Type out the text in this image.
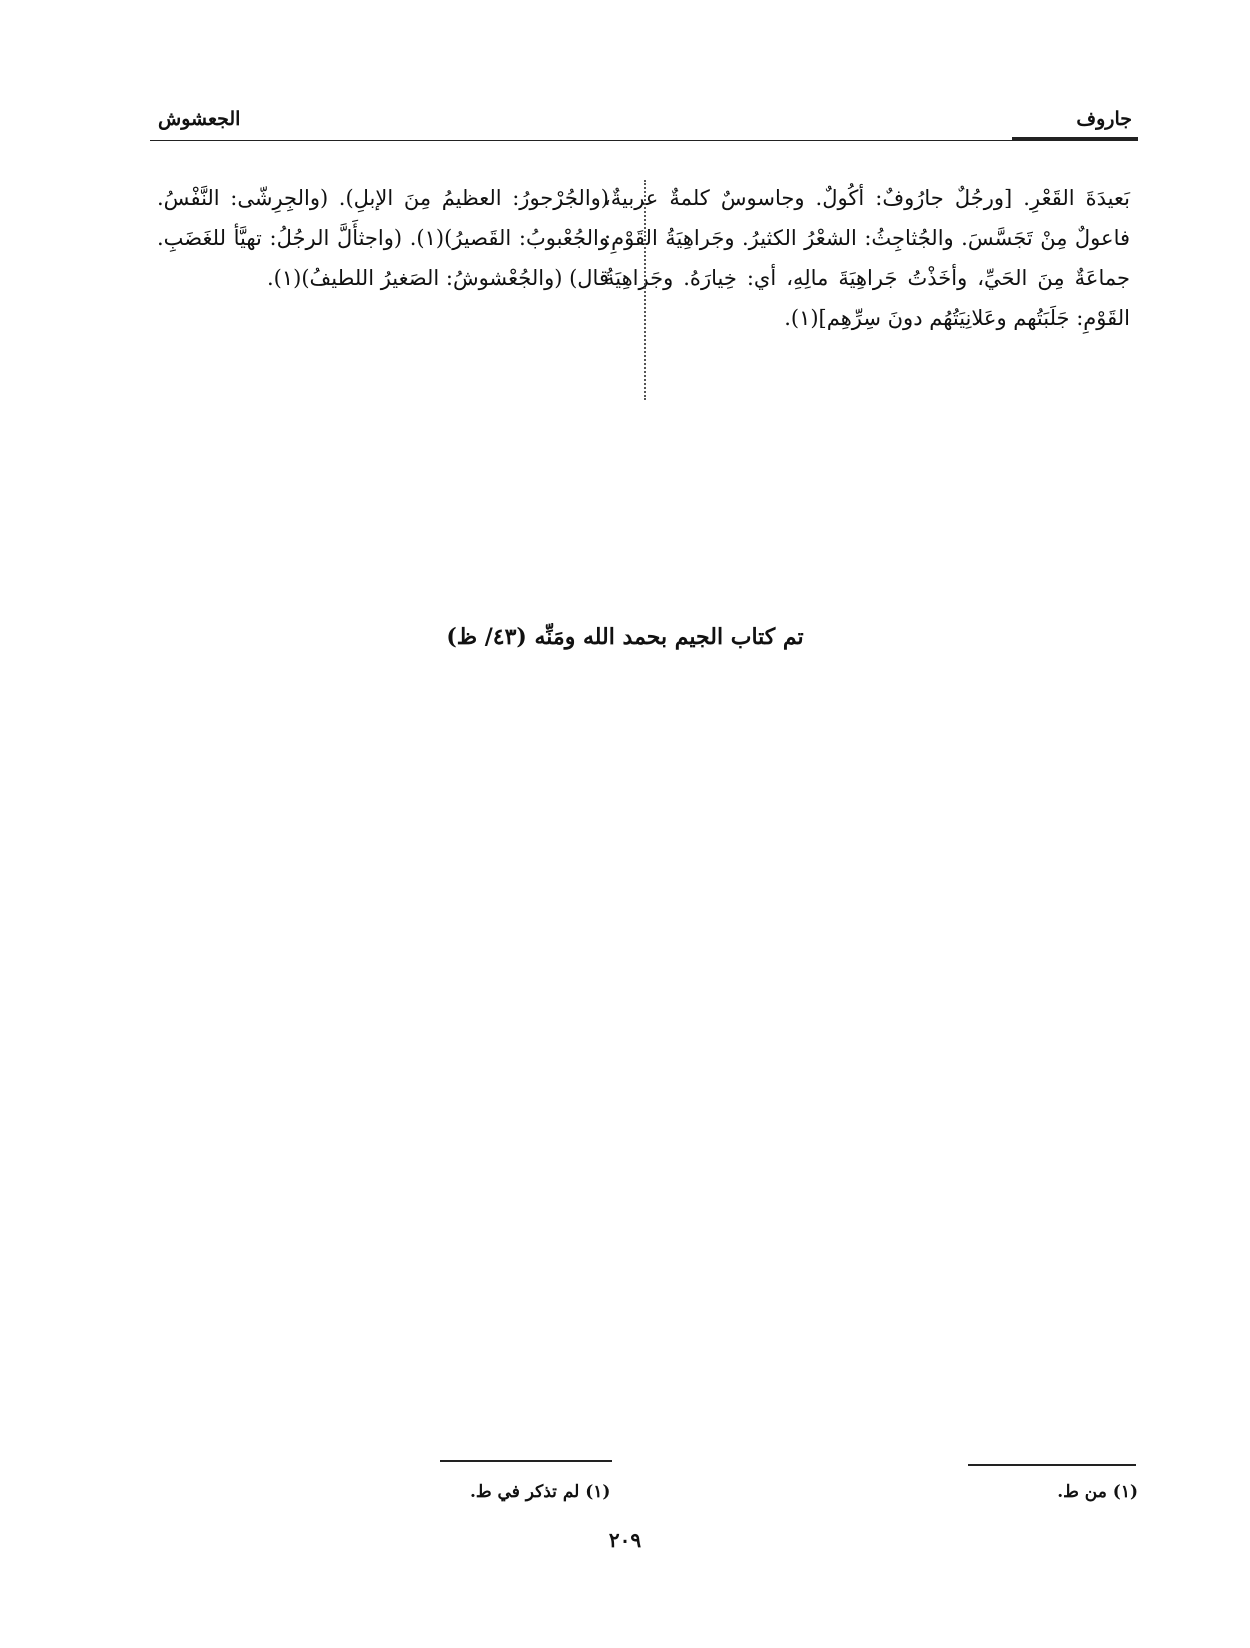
جاروف
الجعشوش
بَعيدَةَ القَعْرِ. [ورجُلٌ جارُوفٌ: أكُولٌ. وجاسوسٌ كلمةٌ عربيةٌ، فاعولٌ مِنْ تَجَسَّسَ. والجُثاجِثُ: الشعْرُ الكثيرُ. وجَراهِيَةُ القَوْمِ: جماعَةٌ مِنَ الحَيِّ، وأخَذْتُ جَراهِيَةَ مالِهِ، أي: خِيارَهُ. وجَراهِيَةُ القَوْمِ: جَلَبَتُهم وعَلانِيَتُهُم دونَ سِرِّهِم](١).
(والجُرْجورُ: العظيمُ مِنَ الإبلِ). (والجِرِشّى: النَّفْسُ. والجُعْبوبُ: القَصيرُ)(١). (واجثأَلَّ الرجُلُ: تهيَّأ للغَضَبِ. قال) (والجُعْشوشُ: الصَغيرُ اللطيفُ)(١).
تم كتاب الجيم بحمد الله ومَنِّه (٤٣/ ظ)
(١) من ط.
(١) لم تذكر في ط.
٢٠٩
